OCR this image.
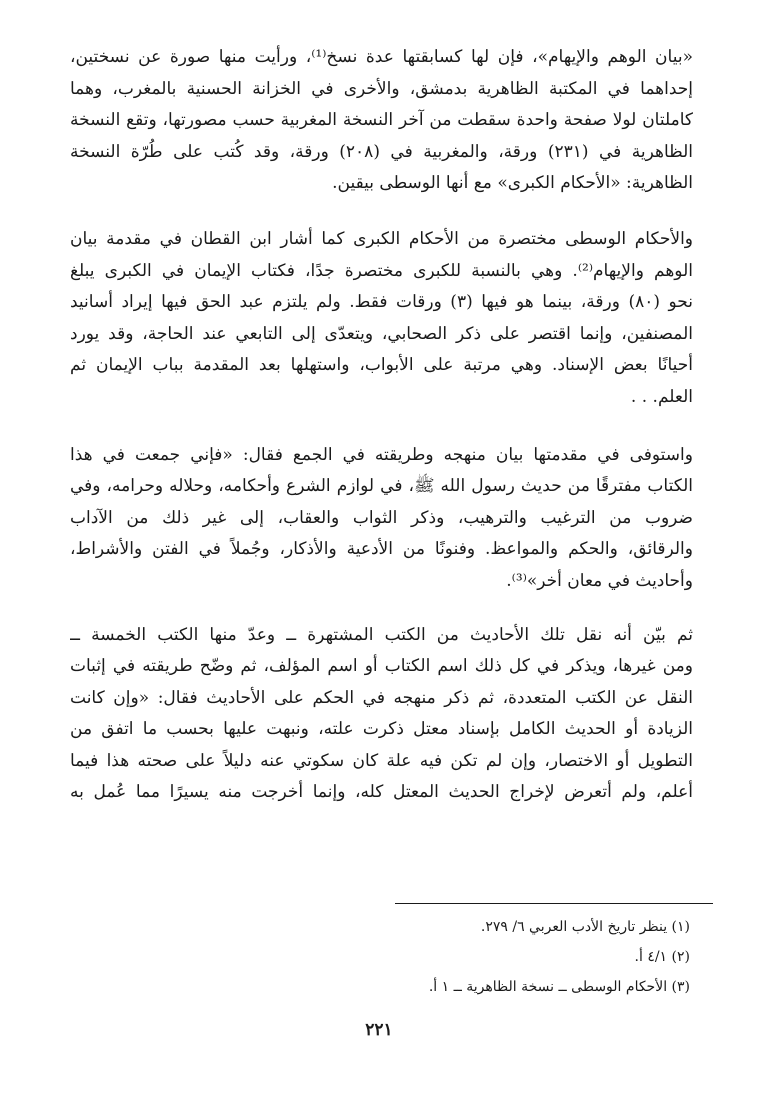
«بيان الوهم والإيهام»، فإن لها كسابقتها عدة نسخ⁽¹⁾، ورأيت منها صورة عن نسختين،
إحداهما في المكتبة الظاهرية بدمشق، والأخرى في الخزانة الحسنية بالمغرب، وهما
كاملتان لولا صفحة واحدة سقطت من آخر النسخة المغربية حسب مصورتها، وتقع النسخة
الظاهرية في (٢٣١) ورقة، والمغربية في (٢٠٨) ورقة، وقد كُتب على طُرّة النسخة
الظاهرية: «الأحكام الكبرى» مع أنها الوسطى بيقين.

والأحكام الوسطى مختصرة من الأحكام الكبرى كما أشار ابن القطان في مقدمة بيان
الوهم والإيهام⁽²⁾. وهي بالنسبة للكبرى مختصرة جدًا، فكتاب الإيمان في الكبرى يبلغ
نحو (٨٠) ورقة، بينما هو فيها (٣) ورقات فقط. ولم يلتزم عبد الحق فيها إيراد أسانيد
المصنفين، وإنما اقتصر على ذكر الصحابي، ويتعدّى إلى التابعي عند الحاجة، وقد يورد
أحيانًا بعض الإسناد. وهي مرتبة على الأبواب، واستهلها بعد المقدمة بباب الإيمان ثم
العلم. . .

واستوفى في مقدمتها بيان منهجه وطريقته في الجمع فقال: «فإني جمعت في هذا
الكتاب مفترقًا من حديث رسول الله ﷺ، في لوازم الشرع وأحكامه، وحلاله وحرامه، وفي
ضروب من الترغيب والترهيب، وذكر الثواب والعقاب، إلى غير ذلك من الآداب
والرقائق، والحكم والمواعظ. وفنونًا من الأدعية والأذكار، وجُملاً في الفتن والأشراط،
وأحاديث في معان أخر»⁽³⁾.

ثم بيّن أنه نقل تلك الأحاديث من الكتب المشتهرة ــ وعدّ منها الكتب الخمسة ــ
ومن غيرها، ويذكر في كل ذلك اسم الكتاب أو اسم المؤلف، ثم وضّح طريقته في إثبات
النقل عن الكتب المتعددة، ثم ذكر منهجه في الحكم على الأحاديث فقال: «وإن كانت
الزيادة أو الحديث الكامل بإسناد معتل ذكرت علته، ونبهت عليها بحسب ما اتفق من
التطويل أو الاختصار، وإن لم تكن فيه علة كان سكوتي عنه دليلاً على صحته هذا فيما
أعلم، ولم أتعرض لإخراج الحديث المعتل كله، وإنما أخرجت منه يسيرًا مما عُمل به

(١) ينظر تاريخ الأدب العربي ٦/ ٢٧٩.
(٢) ٤/١ أ.
(٣) الأحكام الوسطى ــ نسخة الظاهرية ــ ١ أ.
٢٢١
